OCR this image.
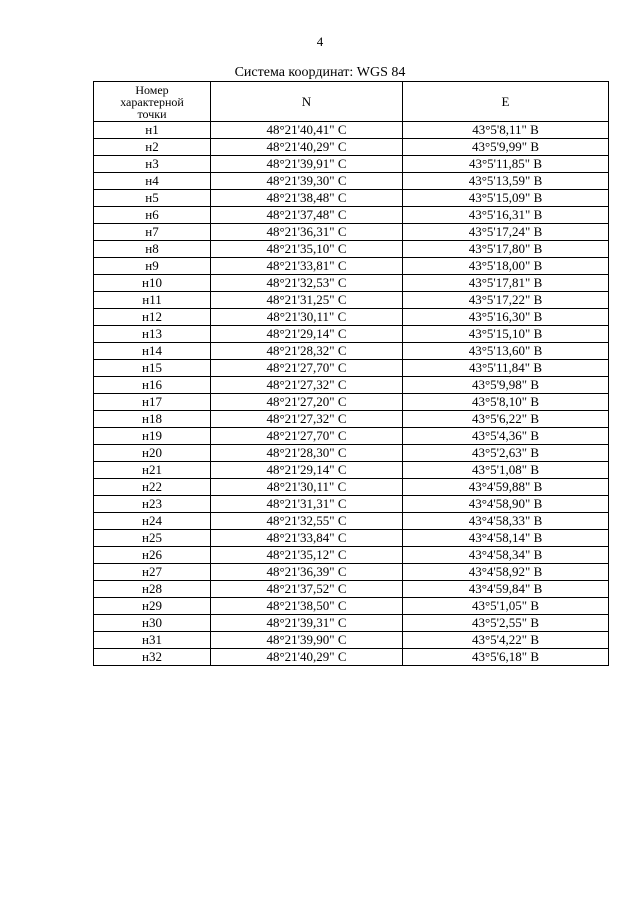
4
Система координат: WGS 84
Номер
характерной
точки	N	E
н1	48°21'40,41" С	43°5'8,11" В
н2	48°21'40,29" С	43°5'9,99" В
н3	48°21'39,91" С	43°5'11,85" В
н4	48°21'39,30" С	43°5'13,59" В
н5	48°21'38,48" С	43°5'15,09" В
н6	48°21'37,48" С	43°5'16,31" В
н7	48°21'36,31" С	43°5'17,24" В
н8	48°21'35,10" С	43°5'17,80" В
н9	48°21'33,81" С	43°5'18,00" В
н10	48°21'32,53" С	43°5'17,81" В
н11	48°21'31,25" С	43°5'17,22" В
н12	48°21'30,11" С	43°5'16,30" В
н13	48°21'29,14" С	43°5'15,10" В
н14	48°21'28,32" С	43°5'13,60" В
н15	48°21'27,70" С	43°5'11,84" В
н16	48°21'27,32" С	43°5'9,98" В
н17	48°21'27,20" С	43°5'8,10" В
н18	48°21'27,32" С	43°5'6,22" В
н19	48°21'27,70" С	43°5'4,36" В
н20	48°21'28,30" С	43°5'2,63" В
н21	48°21'29,14" С	43°5'1,08" В
н22	48°21'30,11" С	43°4'59,88" В
н23	48°21'31,31" С	43°4'58,90" В
н24	48°21'32,55" С	43°4'58,33" В
н25	48°21'33,84" С	43°4'58,14" В
н26	48°21'35,12" С	43°4'58,34" В
н27	48°21'36,39" С	43°4'58,92" В
н28	48°21'37,52" С	43°4'59,84" В
н29	48°21'38,50" С	43°5'1,05" В
н30	48°21'39,31" С	43°5'2,55" В
н31	48°21'39,90" С	43°5'4,22" В
н32	48°21'40,29" С	43°5'6,18" В
